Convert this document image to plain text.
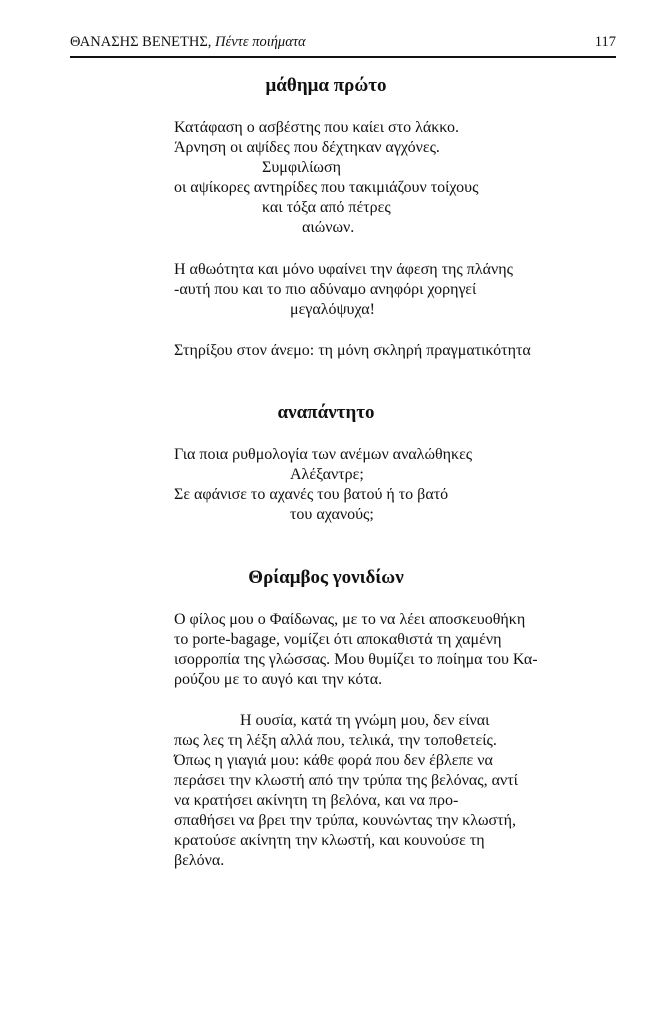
ΘΑΝΑΣΗΣ ΒΕΝΕΤΗΣ, Πέντε ποιήματα	117
μάθημα πρώτο
Κατάφαση ο ασβέστης που καίει στο λάκκο.
Άρνηση οι αψίδες που δέχτηκαν αγχόνες.
Συμφιλίωση
οι αψίκορες αντηρίδες που τακιμιάζουν τοίχους
και τόξα από πέτρες
αιώνων.
Η αθωότητα και μόνο υφαίνει την άφεση της πλάνης
-αυτή που και το πιο αδύναμο ανηφόρι χορηγεί
μεγαλόψυχα!
Στηρίξου στον άνεμο: τη μόνη σκληρή πραγματικότητα
αναπάντητο
Για ποια ρυθμολογία των ανέμων αναλώθηκες
Αλέξαντρε;
Σε αφάνισε το αχανές του βατού ή το βατό
του αχανούς;
Θρίαμβος γονιδίων
Ο φίλος μου ο Φαίδωνας, με το να λέει αποσκευοθήκη
το porte-bagage, νομίζει ότι αποκαθιστά τη χαμένη
ισορροπία της γλώσσας. Μου θυμίζει το ποίημα του Κα-
ρούζου με το αυγό και την κότα.
Η ουσία, κατά τη γνώμη μου, δεν είναι
πως λες τη λέξη αλλά που, τελικά, την τοποθετείς.
Όπως η γιαγιά μου: κάθε φορά που δεν έβλεπε να
περάσει την κλωστή από την τρύπα της βελόνας, αντί
να κρατήσει ακίνητη τη βελόνα, και να προ-
σπαθήσει να βρει την τρύπα, κουνώντας την κλωστή,
κρατούσε ακίνητη την κλωστή, και κουνούσε τη
βελόνα.
